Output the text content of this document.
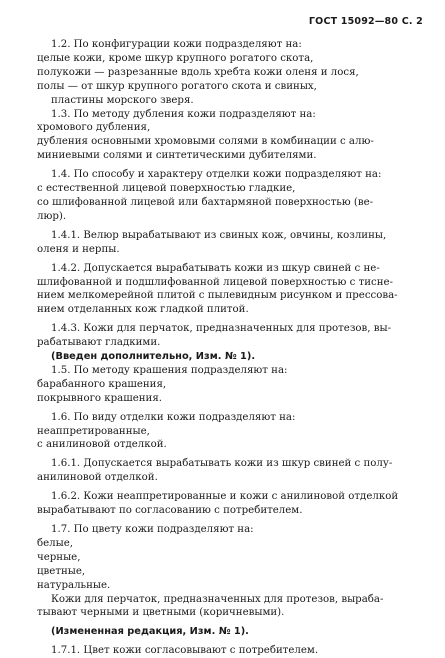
ГОСТ 15092—80 С. 2
1.2. По конфигурации кожи подразделяют на:
целые кожи, кроме шкур крупного рогатого скота,
полукожи — разрезанные вдоль хребта кожи оленя и лося,
полы — от шкур крупного рогатого скота и свиных,
пластины морского зверя.
1.3. По методу дубления кожи подразделяют на:
хромового дубления,
дубления основными хромовыми солями в комбинации с алю-
миниевыми солями и синтетическими дубителями.
1.4. По способу и характеру отделки кожи подразделяют на:
с естественной лицевой поверхностью гладкие,
со шлифованной лицевой или бахтармяной поверхностью (ве-
люр).
1.4.1. Велюр вырабатывают из свиных кож, овчины, козлины,
оленя и нерпы.
1.4.2. Допускается вырабатывать кожи из шкур свиней с не-
шлифованной и подшлифованной лицевой поверхностью с тисне-
нием мелкомерейной плитой с пылевидным рисунком и прессова-
нием отделанных кож гладкой плитой.
1.4.3. Кожи для перчаток, предназначенных для протезов, вы-
рабатывают гладкими.
(Введен дополнительно, Изм. № 1).
1.5. По методу крашения подразделяют на:
барабанного крашения,
покрывного крашения.
1.6. По виду отделки кожи подразделяют на:
неаппретированные,
с анилиновой отделкой.
1.6.1. Допускается вырабатывать кожи из шкур свиней с полу-
анилиновой отделкой.
1.6.2. Кожи неаппретированные и кожи с анилиновой отделкой
вырабатывают по согласованию с потребителем.
1.7. По цвету кожи подразделяют на:
белые,
черные,
цветные,
натуральные.
Кожи для перчаток, предназначенных для протезов, выраба-
тывают черными и цветными (коричневыми).
(Измененная редакция, Изм. № 1).
1.7.1. Цвет кожи согласовывают с потребителем.
